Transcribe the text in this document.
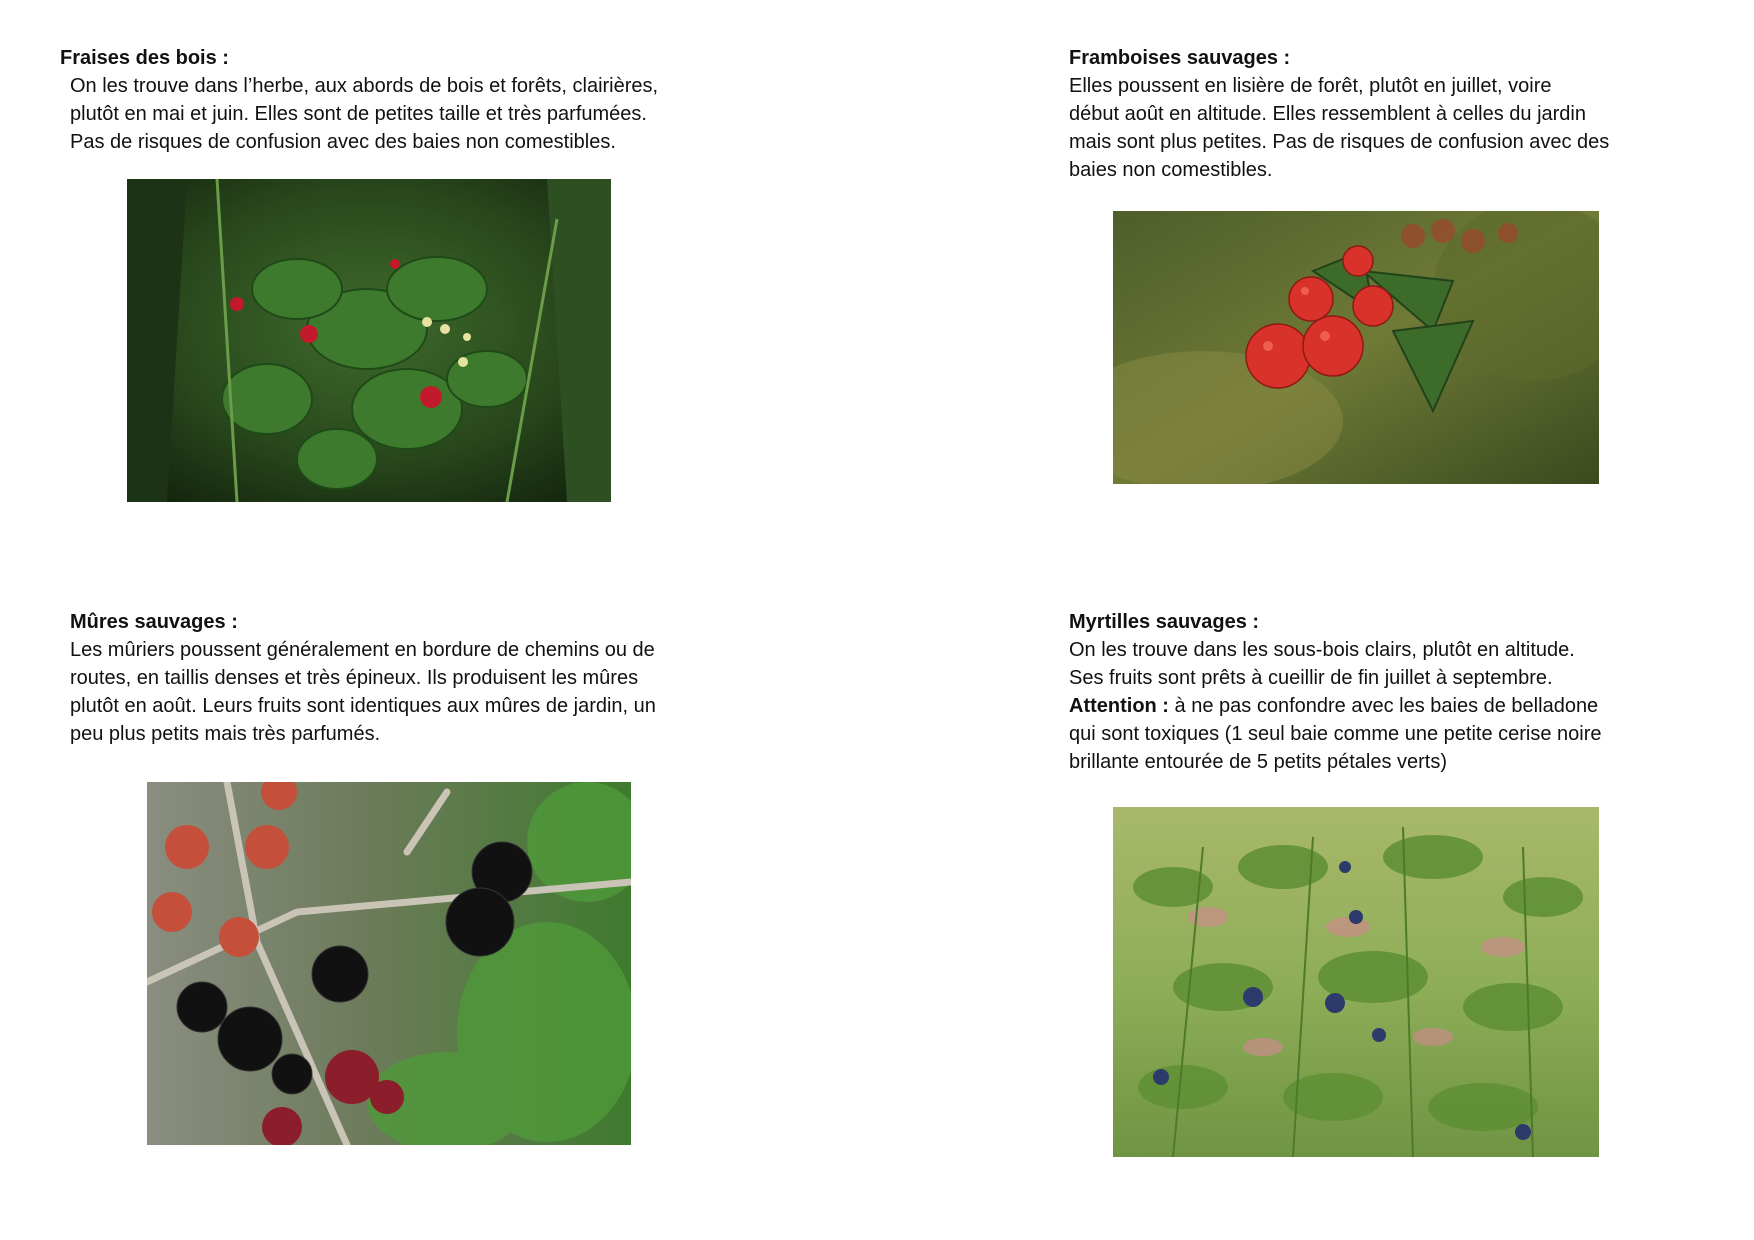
Fraises des bois :

On les trouve dans l’herbe, aux abords de bois et forêts, clairières,

plutôt en mai et juin. Elles sont de petites taille et très parfumées.

Pas de risques de confusion avec des baies non comestibles.

Framboises sauvages :

Elles poussent en lisière de forêt, plutôt en juillet, voire

début août en altitude. Elles ressemblent à celles du jardin

mais sont plus petites. Pas de risques de confusion avec des

baies non comestibles.

Mûres sauvages :

Les mûriers poussent généralement en bordure de chemins ou de

routes, en taillis denses et très épineux. Ils produisent les mûres

plutôt en août. Leurs fruits sont identiques aux mûres de jardin, un

peu plus petits mais très parfumés.

Myrtilles sauvages :

On les trouve dans les sous-bois clairs, plutôt en altitude.

Ses fruits sont prêts à cueillir de fin juillet à septembre.

Attention : à ne pas confondre avec les baies de belladone

qui sont toxiques (1 seul baie comme une petite cerise noire

brillante entourée de 5 petits pétales verts)
